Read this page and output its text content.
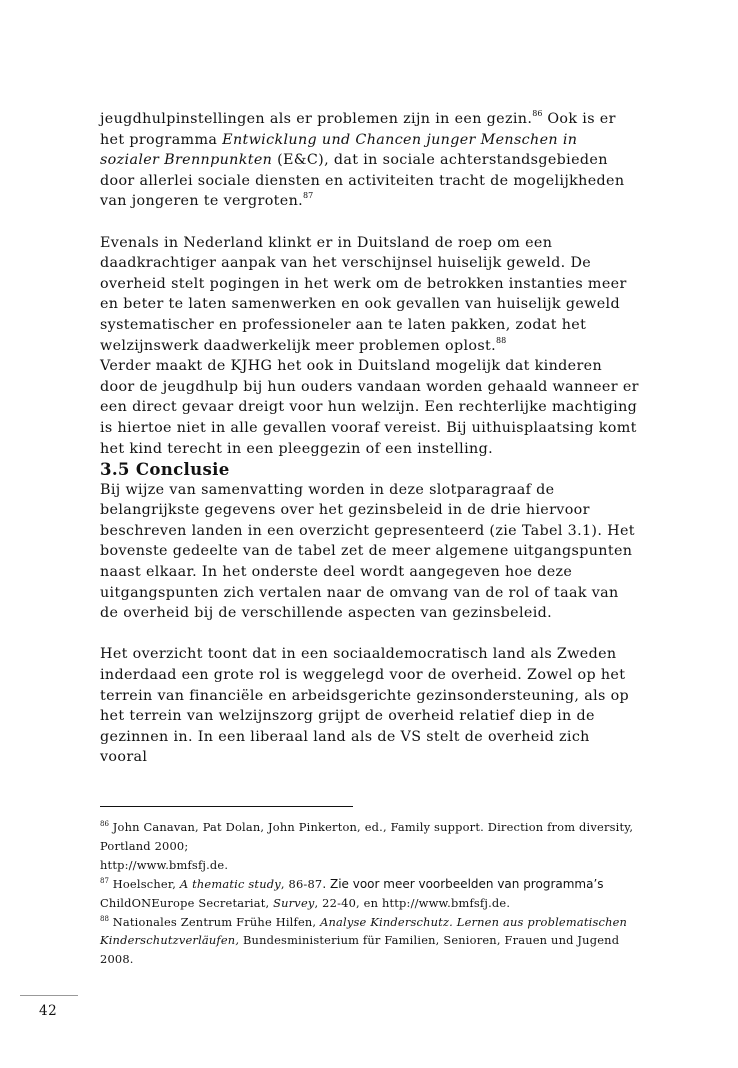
jeugdhulpinstellingen als er problemen zijn in een gezin.$^{86}$ Ook is er het programma Entwicklung und Chancen junger Menschen in sozialer Brennpunkten (E&C), dat in sociale achterstandsgebieden door allerlei sociale diensten en activiteiten tracht de mogelijkheden van jongeren te vergroten.$^{87}$

Evenals in Nederland klinkt er in Duitsland de roep om een daadkrachtiger aanpak van het verschijnsel huiselijk geweld. De overheid stelt pogingen in het werk om de betrokken instanties meer en beter te laten samenwerken en ook gevallen van huiselijk geweld systematischer en professioneler aan te laten pakken, zodat het welzijnswerk daadwerkelijk meer problemen oplost.$^{88}$

Verder maakt de KJHG het ook in Duitsland mogelijk dat kinderen door de jeugdhulp bij hun ouders vandaan worden gehaald wanneer er een direct gevaar dreigt voor hun welzijn. Een rechterlijke machtiging is hiertoe niet in alle gevallen vooraf vereist. Bij uithuisplaatsing komt het kind terecht in een pleeggezin of een instelling.

3.5 Conclusie

Bij wijze van samenvatting worden in deze slotparagraaf de belangrijkste gegevens over het gezinsbeleid in de drie hiervoor beschreven landen in een overzicht gepresenteerd (zie Tabel 3.1). Het bovenste gedeelte van de tabel zet de meer algemene uitgangspunten naast elkaar. In het onderste deel wordt aangegeven hoe deze uitgangspunten zich vertalen naar de omvang van de rol of taak van de overheid bij de verschillende aspecten van gezinsbeleid.

Het overzicht toont dat in een sociaaldemocratisch land als Zweden inderdaad een grote rol is weggelegd voor de overheid. Zowel op het terrein van financiële en arbeidsgerichte gezinsondersteuning, als op het terrein van welzijnszorg grijpt de overheid relatief diep in de gezinnen in. In een liberaal land als de VS stelt de overheid zich vooral

$^{86}$ John Canavan, Pat Dolan, John Pinkerton, ed., Family support. Direction from diversity, Portland 2000;
http://www.bmfsfj.de.

$^{87}$ Hoelscher, A thematic study, 86-87. Zie voor meer voorbeelden van programma’s
ChildONEurope Secretariat, Survey, 22-40, en http://www.bmfsfj.de.

$^{88}$ Nationales Zentrum Frühe Hilfen, Analyse Kinderschutz. Lernen aus problematischen Kinderschutzverläufen, Bundesministerium für Familien, Senioren, Frauen und Jugend 2008.

42
